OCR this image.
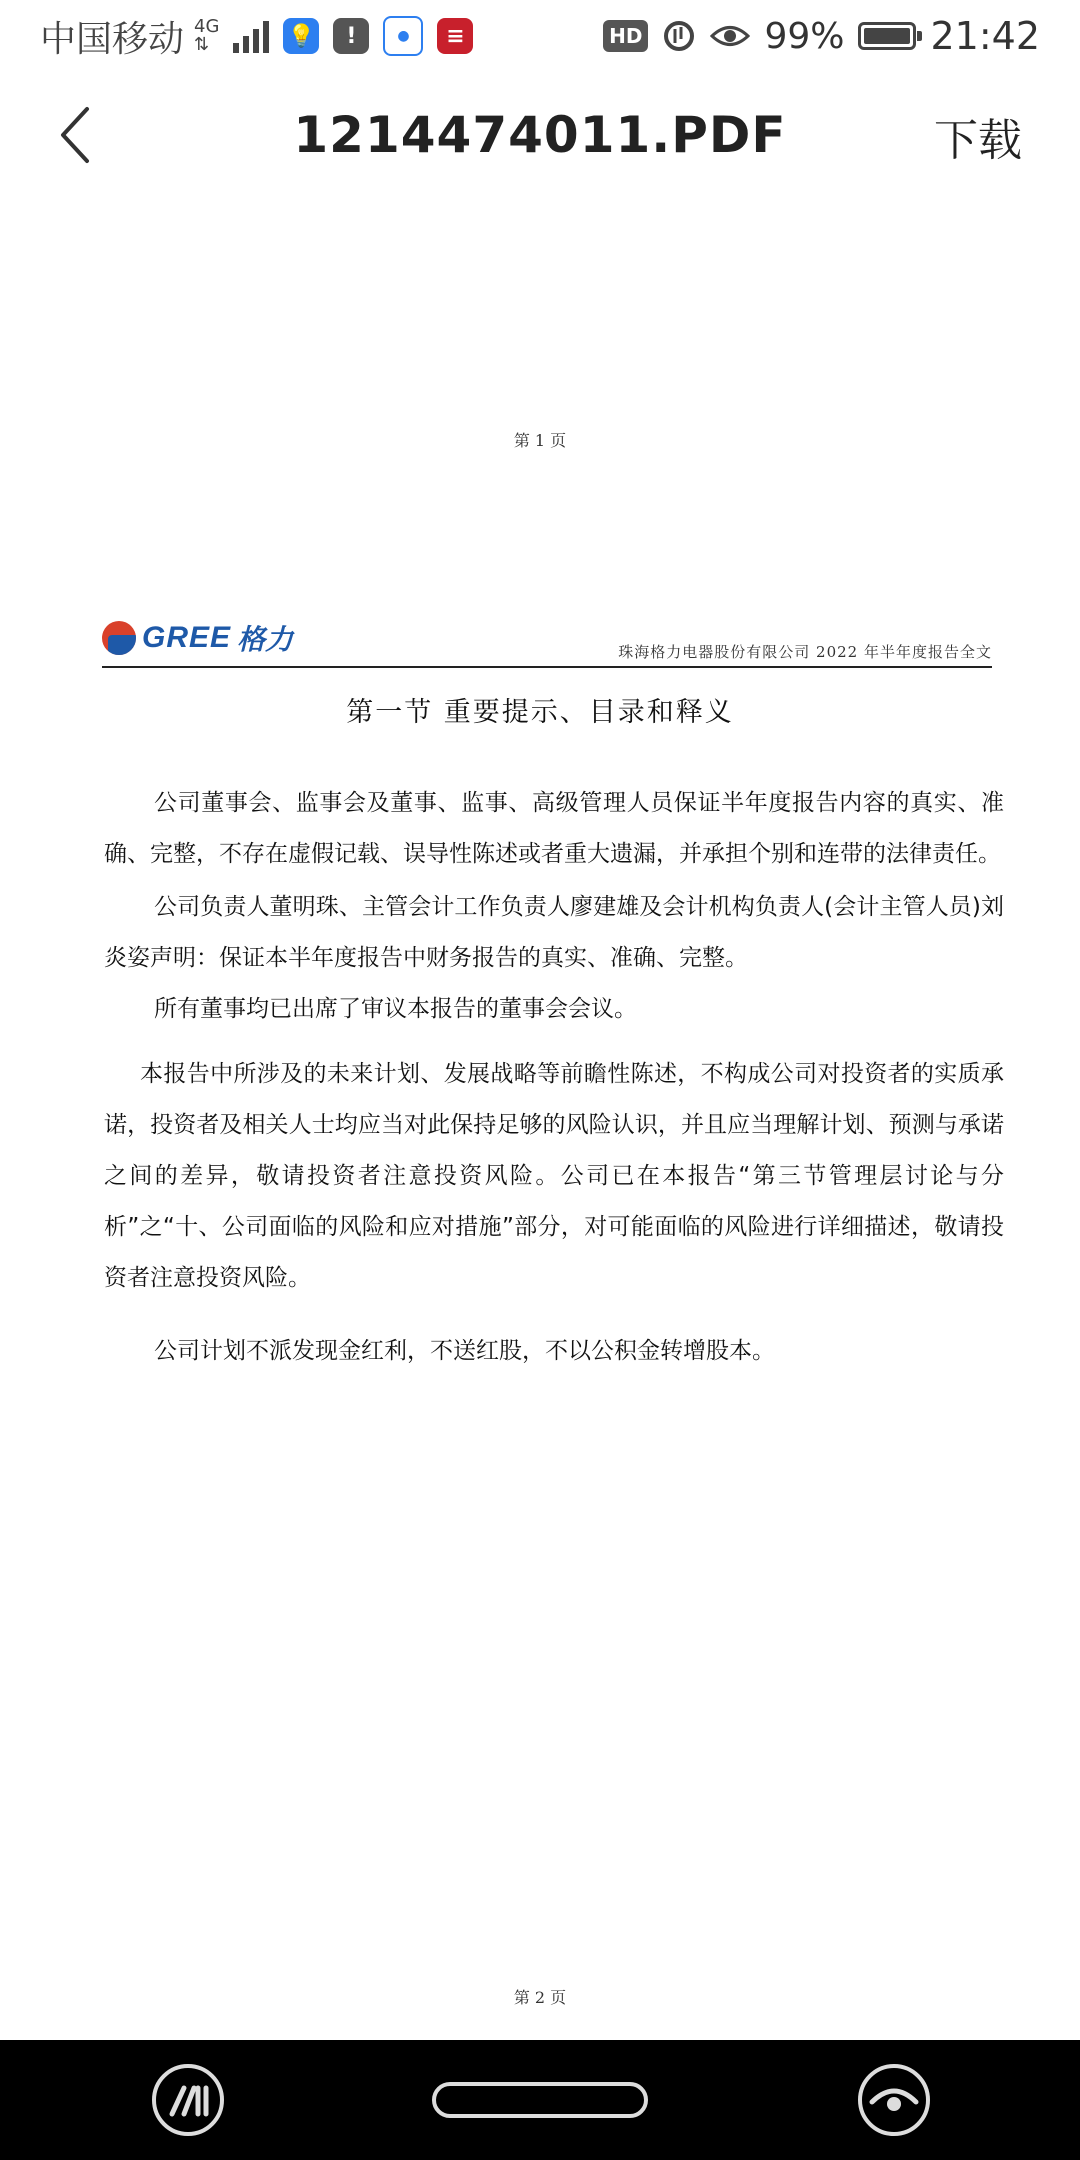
中国移动 4G
⇅	💡	!	●	≡	HD	99% 21:42
1214474011.PDF	下载
第 1 页
GREE 格力	珠海格力电器股份有限公司 2022 年半年度报告全文
第一节 重要提示、目录和释义

公司董事会、监事会及董事、监事、高级管理人员保证半年度报告内容的真实、准确、完整，不存在虚假记载、误导性陈述或者重大遗漏，并承担个别和连带的法律责任。

公司负责人董明珠、主管会计工作负责人廖建雄及会计机构负责人(会计主管人员)刘炎姿声明：保证本半年度报告中财务报告的真实、准确、完整。

所有董事均已出席了审议本报告的董事会会议。

本报告中所涉及的未来计划、发展战略等前瞻性陈述，不构成公司对投资者的实质承诺，投资者及相关人士均应当对此保持足够的风险认识，并且应当理解计划、预测与承诺之间的差异，敬请投资者注意投资风险。公司已在本报告“第三节管理层讨论与分析”之“十、公司面临的风险和应对措施”部分，对可能面临的风险进行详细描述，敬请投资者注意投资风险。

公司计划不派发现金红利，不送红股，不以公积金转增股本。

第 2 页
